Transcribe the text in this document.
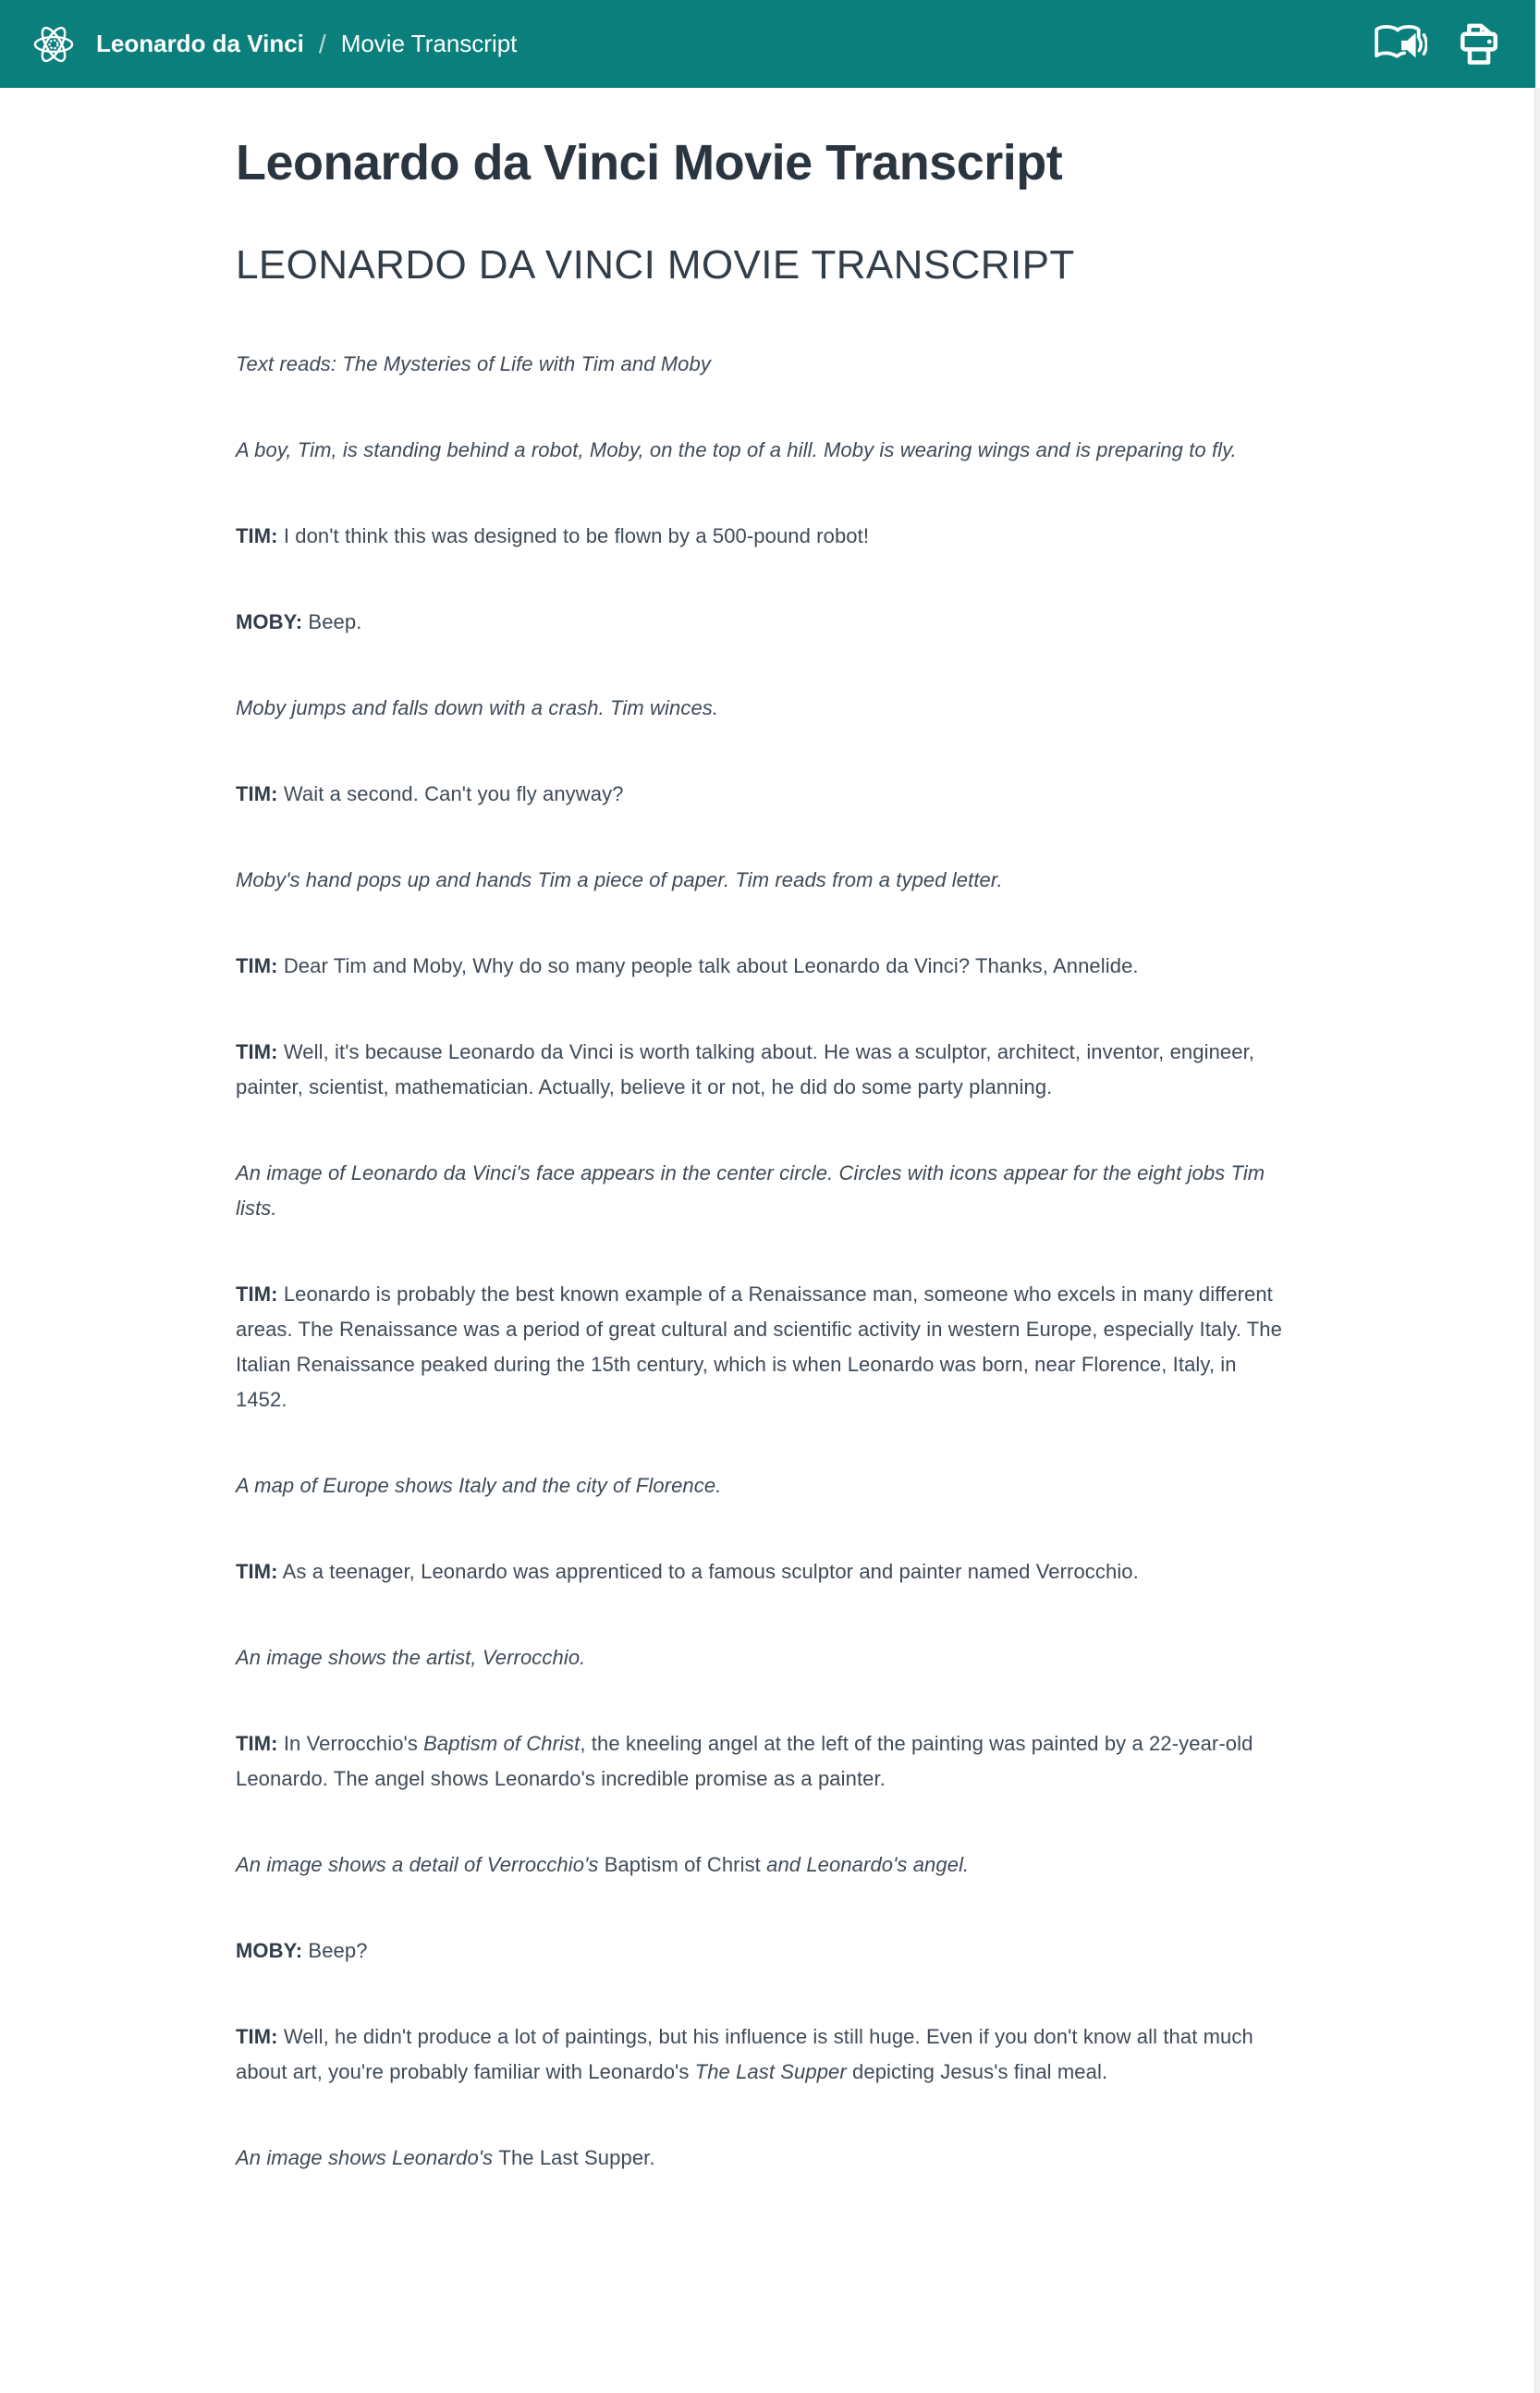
Leonardo da Vinci / Movie Transcript
Leonardo da Vinci Movie Transcript
LEONARDO DA VINCI MOVIE TRANSCRIPT

Text reads: The Mysteries of Life with Tim and Moby

A boy, Tim, is standing behind a robot, Moby, on the top of a hill. Moby is wearing wings and is preparing to fly.

TIM: I don't think this was designed to be flown by a 500-pound robot!

MOBY: Beep.

Moby jumps and falls down with a crash. Tim winces.

TIM: Wait a second. Can't you fly anyway?

Moby's hand pops up and hands Tim a piece of paper. Tim reads from a typed letter.

TIM: Dear Tim and Moby, Why do so many people talk about Leonardo da Vinci? Thanks, Annelide.

TIM: Well, it's because Leonardo da Vinci is worth talking about. He was a sculptor, architect, inventor, engineer, painter, scientist, mathematician. Actually, believe it or not, he did do some party planning.

An image of Leonardo da Vinci's face appears in the center circle. Circles with icons appear for the eight jobs Tim lists.

TIM: Leonardo is probably the best known example of a Renaissance man, someone who excels in many different areas. The Renaissance was a period of great cultural and scientific activity in western Europe, especially Italy. The Italian Renaissance peaked during the 15th century, which is when Leonardo was born, near Florence, Italy, in 1452.

A map of Europe shows Italy and the city of Florence.

TIM: As a teenager, Leonardo was apprenticed to a famous sculptor and painter named Verrocchio.

An image shows the artist, Verrocchio.

TIM: In Verrocchio's Baptism of Christ, the kneeling angel at the left of the painting was painted by a 22-year-old Leonardo. The angel shows Leonardo's incredible promise as a painter.

An image shows a detail of Verrocchio's Baptism of Christ and Leonardo's angel.

MOBY: Beep?

TIM: Well, he didn't produce a lot of paintings, but his influence is still huge. Even if you don't know all that much about art, you're probably familiar with Leonardo's The Last Supper depicting Jesus's final meal.

An image shows Leonardo's The Last Supper.
